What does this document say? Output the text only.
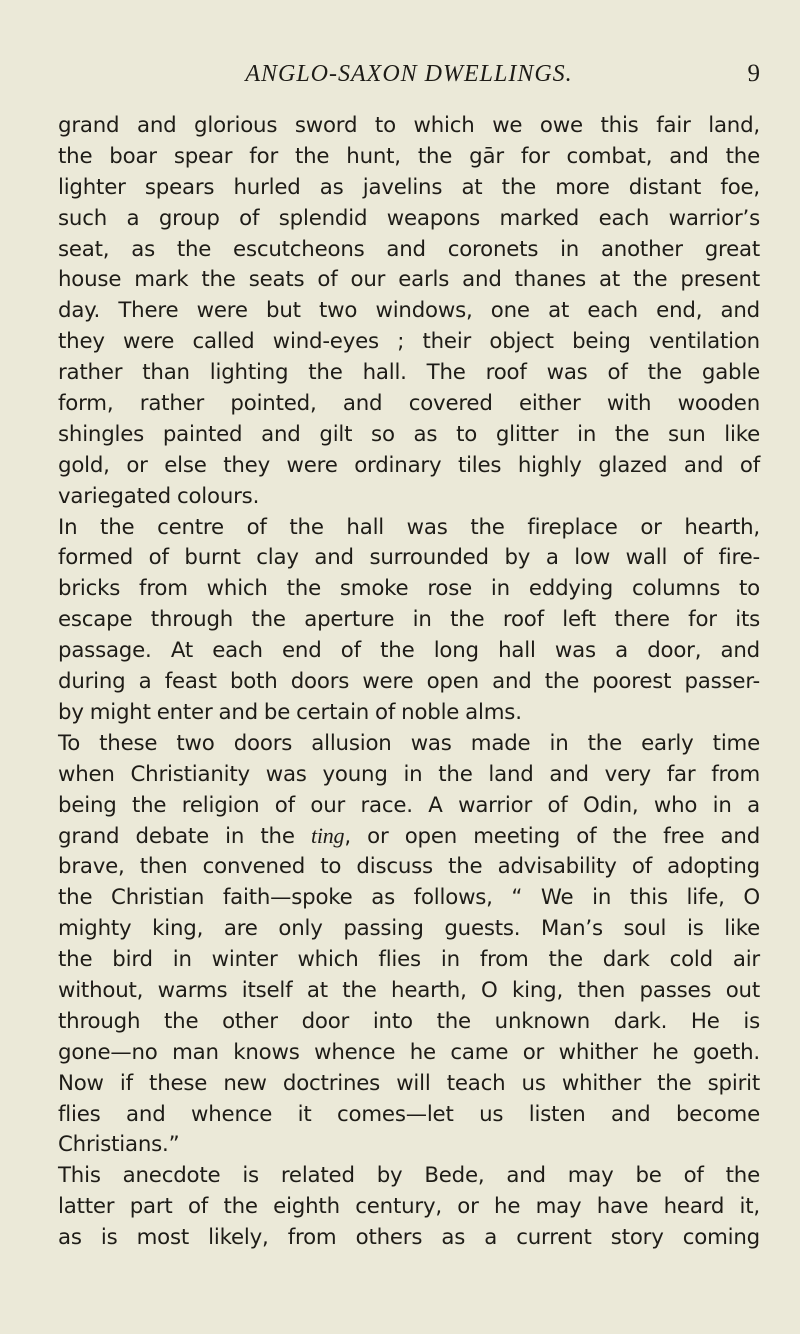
ANGLO-SAXON DWELLINGS.	9
grand and glorious sword to which we owe this fair land,
the boar spear for the hunt, the gār for combat, and the
lighter spears hurled as javelins at the more distant foe,
such a group of splendid weapons marked each warrior’s
seat, as the escutcheons and coronets in another great
house mark the seats of our earls and thanes at the present
day. There were but two windows, one at each end, and
they were called wind-eyes ; their object being ventilation
rather than lighting the hall. The roof was of the gable
form, rather pointed, and covered either with wooden
shingles painted and gilt so as to glitter in the sun like
gold, or else they were ordinary tiles highly glazed and of
variegated colours.
In the centre of the hall was the fireplace or hearth,
formed of burnt clay and surrounded by a low wall of fire-
bricks from which the smoke rose in eddying columns to
escape through the aperture in the roof left there for its
passage. At each end of the long hall was a door, and
during a feast both doors were open and the poorest passer-
by might enter and be certain of noble alms.
To these two doors allusion was made in the early time
when Christianity was young in the land and very far from
being the religion of our race. A warrior of Odin, who in a
grand debate in the ting, or open meeting of the free and
brave, then convened to discuss the advisability of adopting
the Christian faith—spoke as follows, “ We in this life, O
mighty king, are only passing guests. Man’s soul is like
the bird in winter which flies in from the dark cold air
without, warms itself at the hearth, O king, then passes out
through the other door into the unknown dark. He is
gone—no man knows whence he came or whither he goeth.
Now if these new doctrines will teach us whither the spirit
flies and whence it comes—let us listen and become
Christians.”
This anecdote is related by Bede, and may be of the
latter part of the eighth century, or he may have heard it,
as is most likely, from others as a current story coming
